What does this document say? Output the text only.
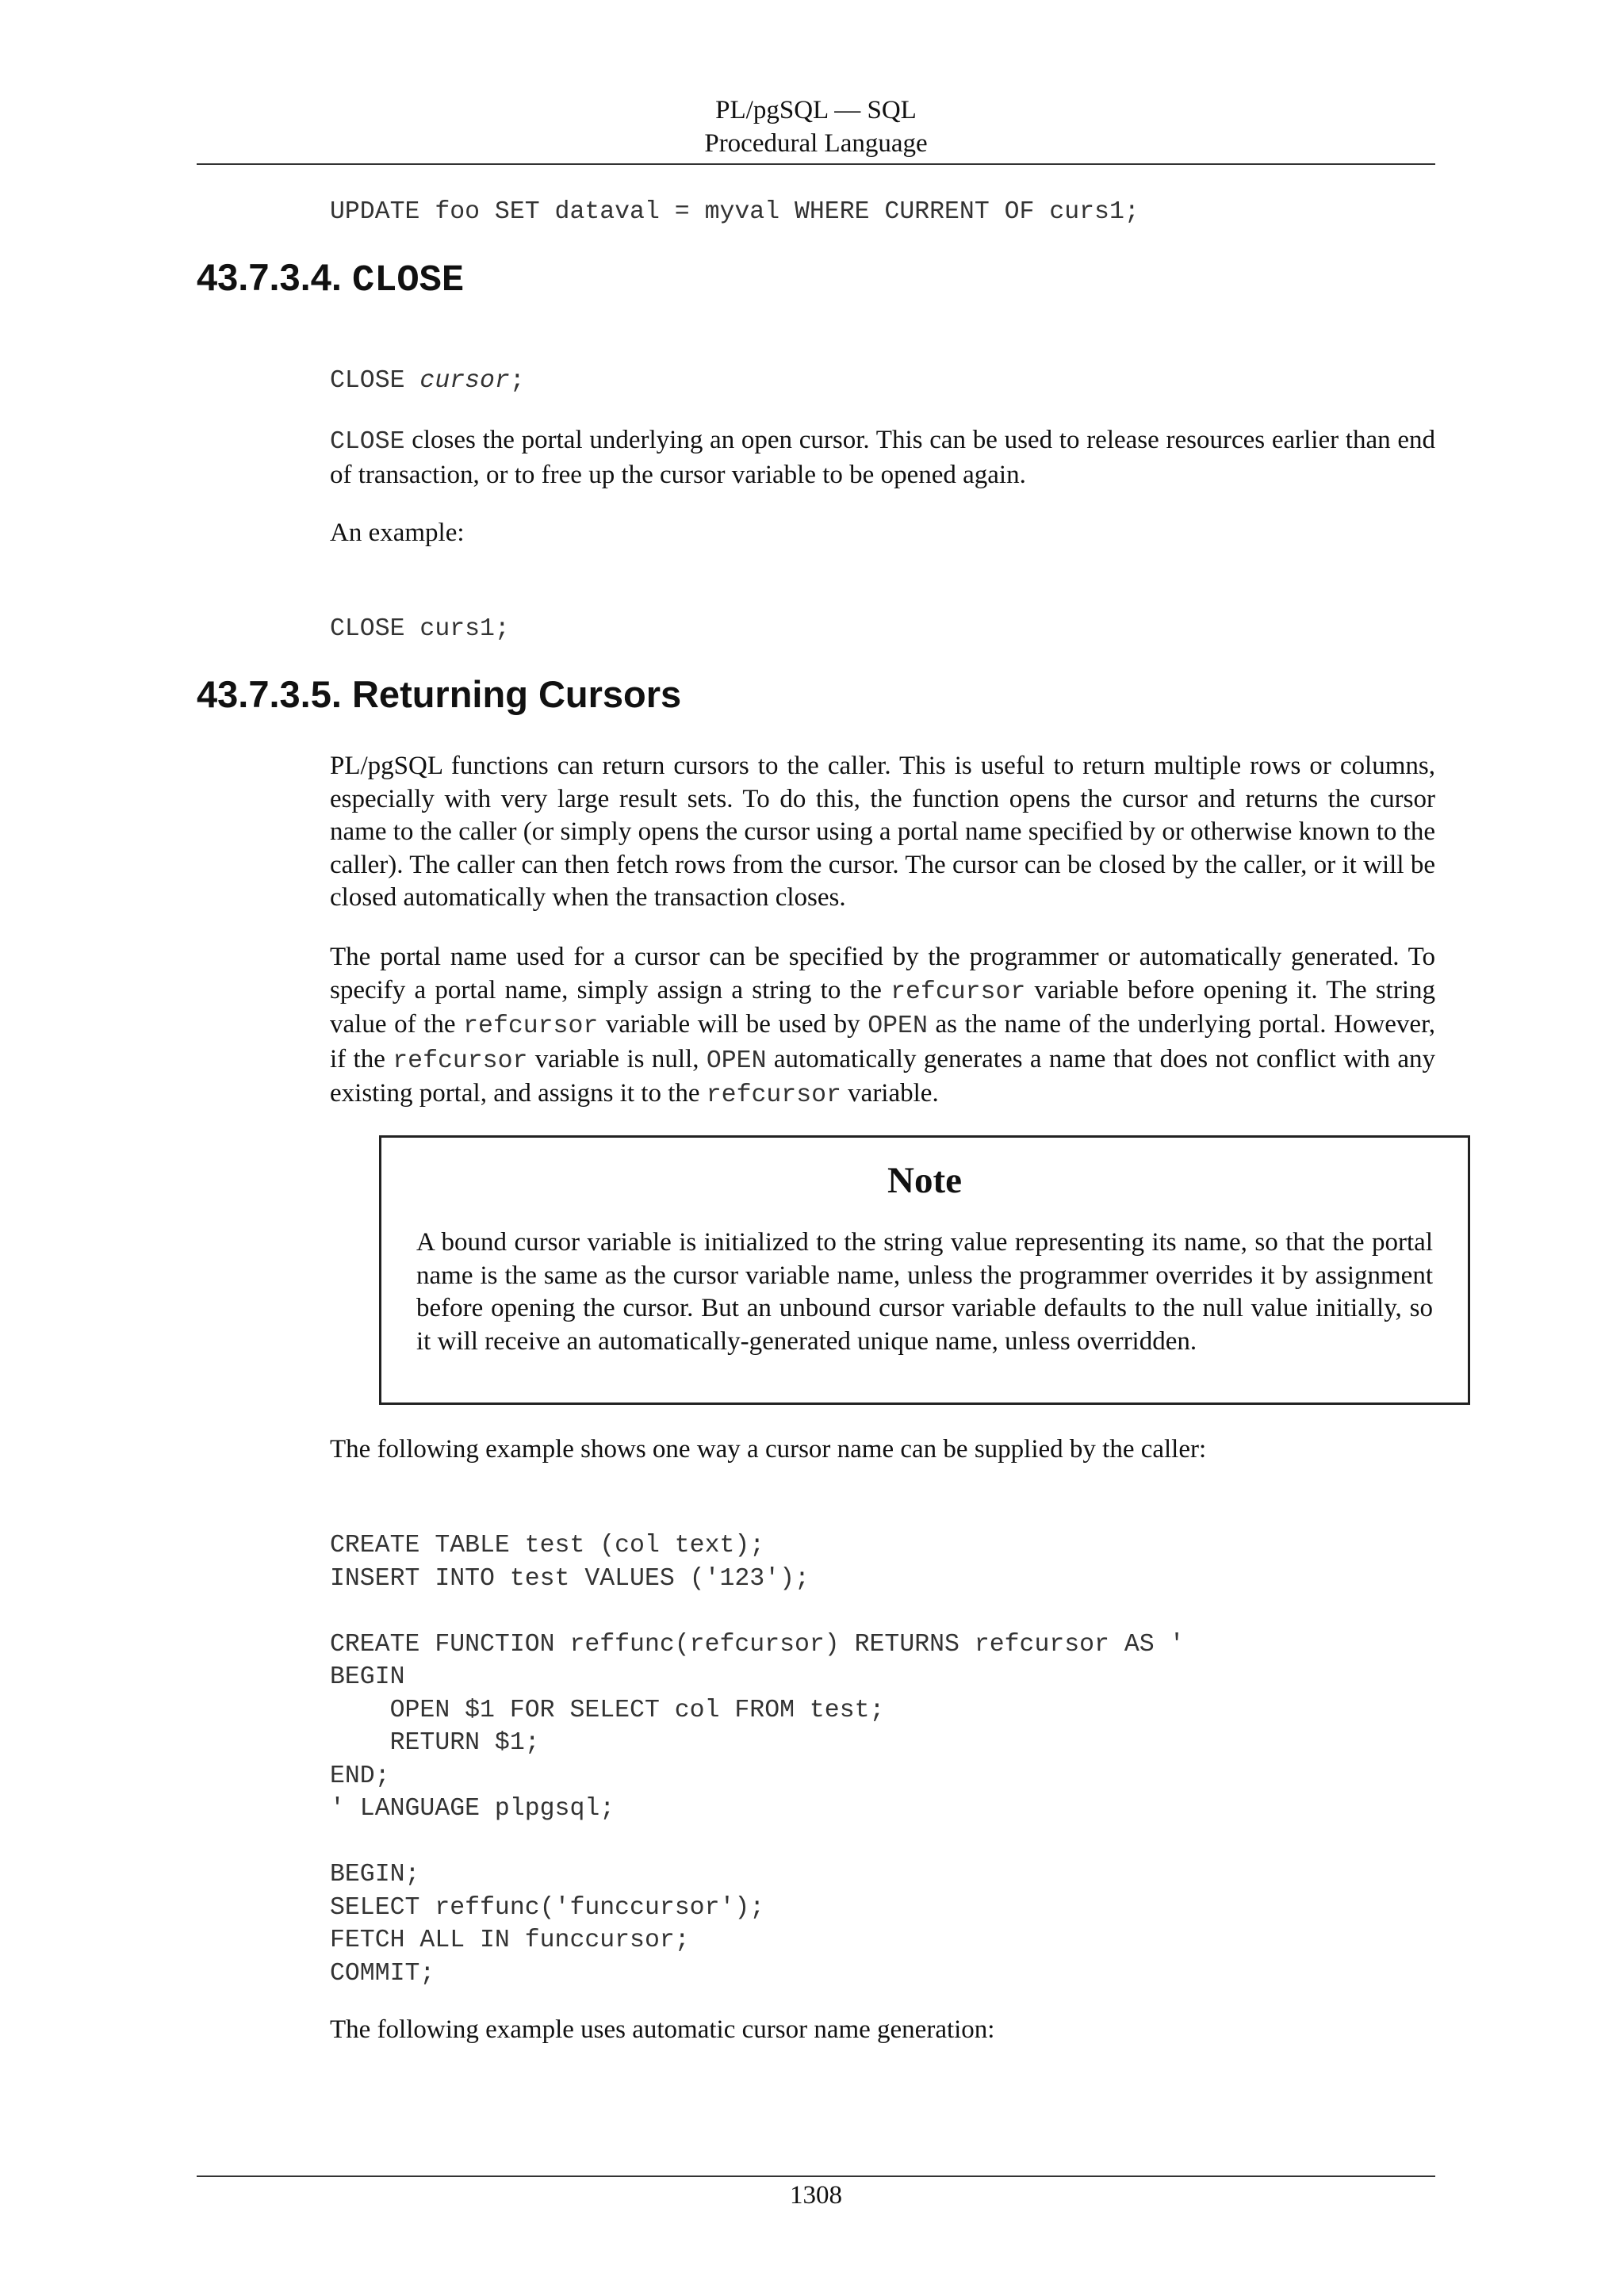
PL/pgSQL — SQL
Procedural Language
UPDATE foo SET dataval = myval WHERE CURRENT OF curs1;
43.7.3.4. CLOSE
CLOSE cursor;

CLOSE closes the portal underlying an open cursor. This can be used to release resources earlier than end of transaction, or to free up the cursor variable to be opened again.

An example:

CLOSE curs1;
43.7.3.5. Returning Cursors

PL/pgSQL functions can return cursors to the caller. This is useful to return multiple rows or columns, especially with very large result sets. To do this, the function opens the cursor and returns the cursor name to the caller (or simply opens the cursor using a portal name specified by or otherwise known to the caller). The caller can then fetch rows from the cursor. The cursor can be closed by the caller, or it will be closed automatically when the transaction closes.

The portal name used for a cursor can be specified by the programmer or automatically generated. To specify a portal name, simply assign a string to the refcursor variable before opening it. The string value of the refcursor variable will be used by OPEN as the name of the underlying portal. However, if the refcursor variable is null, OPEN automatically generates a name that does not conflict with any existing portal, and assigns it to the refcursor variable.

Note

A bound cursor variable is initialized to the string value representing its name, so that the portal name is the same as the cursor variable name, unless the programmer overrides it by assignment before opening the cursor. But an unbound cursor variable defaults to the null value initially, so it will receive an automatically-generated unique name, unless overridden.

The following example shows one way a cursor name can be supplied by the caller:

CREATE TABLE test (col text);
INSERT INTO test VALUES ('123');

CREATE FUNCTION reffunc(refcursor) RETURNS refcursor AS '
BEGIN
OPEN $1 FOR SELECT col FROM test;
RETURN $1;
END;
' LANGUAGE plpgsql;

BEGIN;
SELECT reffunc('funccursor');
FETCH ALL IN funccursor;
COMMIT;

The following example uses automatic cursor name generation:

1308
